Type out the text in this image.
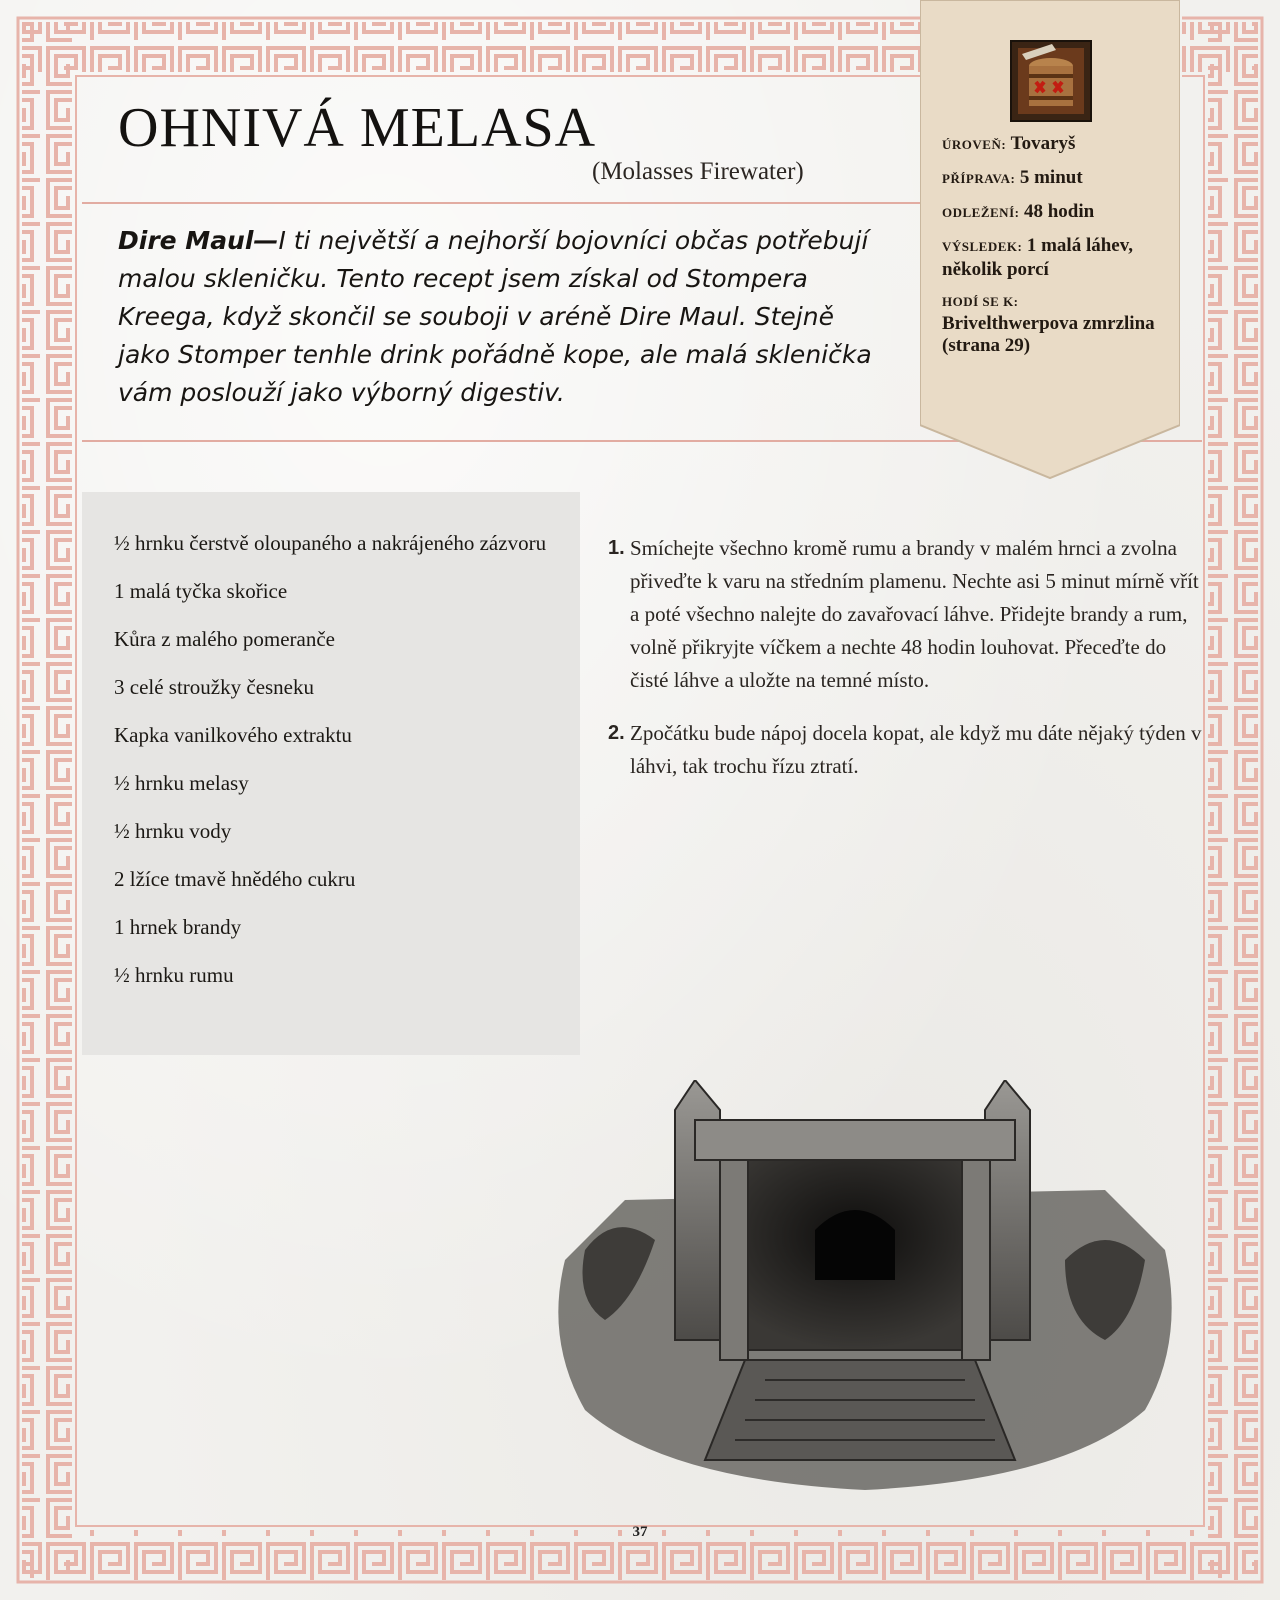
OHNIVÁ MELASA
(Molasses Firewater)
Dire Maul—I ti největší a nejhorší bojovníci občas potřebují malou skleničku. Tento recept jsem získal od Stompera Kreega, když skončil se souboji v aréně Dire Maul. Stejně jako Stomper tenhle drink pořádně kope, ale malá sklenička vám poslouží jako výborný digestiv.
ÚROVEŇ: Tovaryš
PŘÍPRAVA: 5 minut
ODLEŽENÍ: 48 hodin
VÝSLEDEK: 1 malá láhev, několik porcí
HODÍ SE K:
Brivelthwerpova zmrzlina (strana 29)
½ hrnku čerstvě oloupaného a nakrájeného zázvoru
1 malá tyčka skořice
Kůra z malého pomeranče
3 celé stroužky česneku
Kapka vanilkového extraktu
½ hrnku melasy
½ hrnku vody
2 lžíce tmavě hnědého cukru
1 hrnek brandy
½ hrnku rumu
1. Smíchejte všechno kromě rumu a brandy v malém hrnci a zvolna přiveďte k varu na středním plamenu. Nechte asi 5 minut mírně vřít a poté všechno nalejte do zavařovací láhve. Přidejte brandy a rum, volně přikryjte víčkem a nechte 48 hodin louhovat. Přeceďte do čisté láhve a uložte na temné místo.
2. Zpočátku bude nápoj docela kopat, ale když mu dáte nějaký týden v láhvi, tak trochu řízu ztratí.
37
